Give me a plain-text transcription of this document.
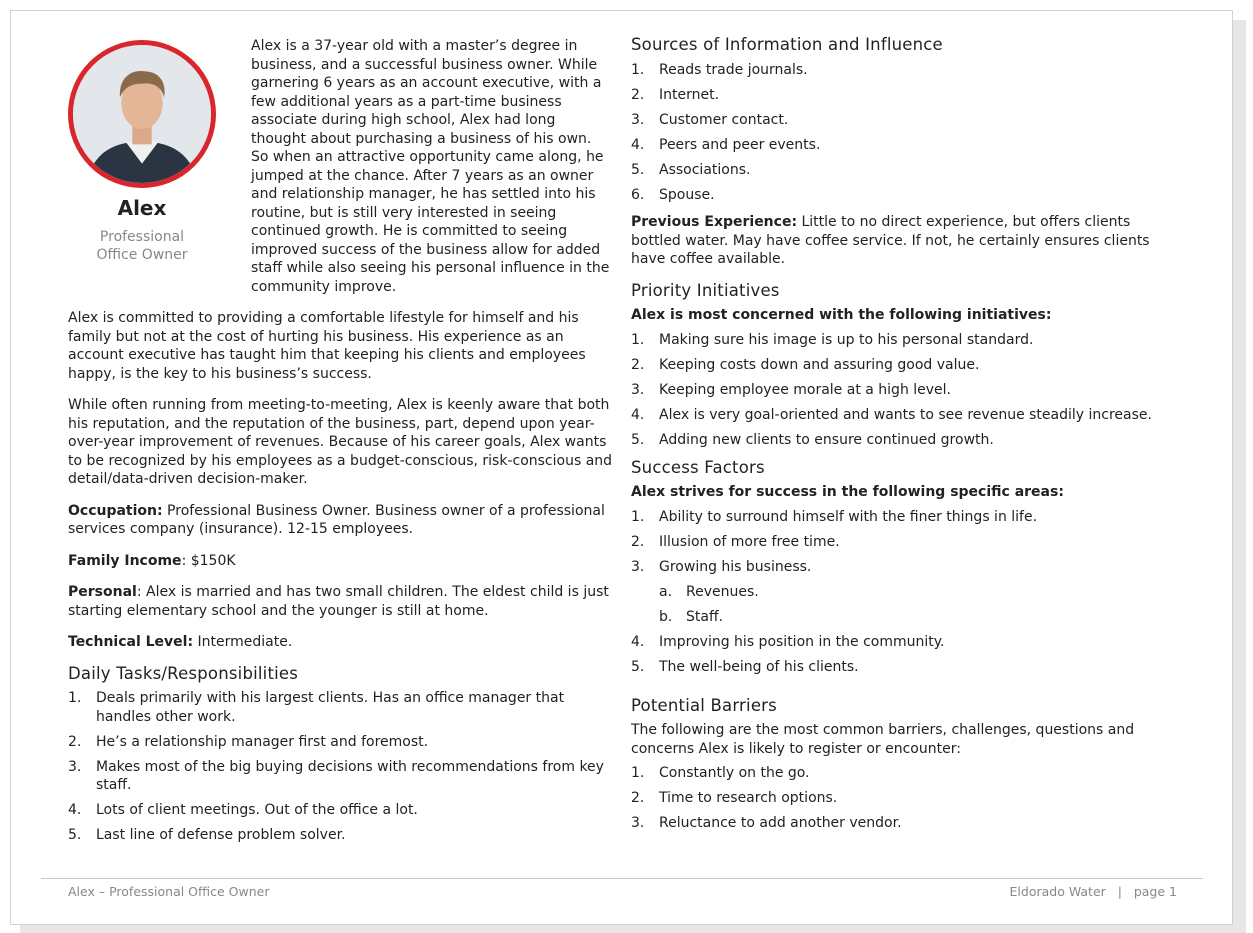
Alex
Professional
Office Owner

Alex is a 37-year old with a master’s degree in business, and a successful business owner. While garnering 6 years as an account executive, with a few additional years as a part-time business associate during high school, Alex had long thought about purchasing a business of his own. So when an attractive opportunity came along, he jumped at the chance. After 7 years as an owner and relationship manager, he has settled into his routine, but is still very interested in seeing continued growth. He is committed to seeing improved success of the business allow for added staff while also seeing his personal influence in the community improve.

Alex is committed to providing a comfortable lifestyle for himself and his family but not at the cost of hurting his business. His experience as an account executive has taught him that keeping his clients and employees happy, is the key to his business’s success.

While often running from meeting-to-meeting, Alex is keenly aware that both his reputation, and the reputation of the business, part, depend upon year-over-year improvement of revenues. Because of his career goals, Alex wants to be recognized by his employees as a budget-conscious, risk-conscious and detail/data-driven decision-maker.

Occupation: Professional Business Owner. Business owner of a professional services company (insurance). 12-15 employees.

Family Income: $150K

Personal: Alex is married and has two small children. The eldest child is just starting elementary school and the younger is still at home.

Technical Level: Intermediate.

Daily Tasks/Responsibilities
1. Deals primarily with his largest clients. Has an office manager that handles other work.
2. He’s a relationship manager first and foremost.
3. Makes most of the big buying decisions with recommendations from key staff.
4. Lots of client meetings. Out of the office a lot.
5. Last line of defense problem solver.
Sources of Information and Influence
1. Reads trade journals.
2. Internet.
3. Customer contact.
4. Peers and peer events.
5. Associations.
6. Spouse.

Previous Experience: Little to no direct experience, but offers clients bottled water. May have coffee service. If not, he certainly ensures clients have coffee available.

Priority Initiatives
Alex is most concerned with the following initiatives:
1. Making sure his image is up to his personal standard.
2. Keeping costs down and assuring good value.
3. Keeping employee morale at a high level.
4. Alex is very goal-oriented and wants to see revenue steadily increase.
5. Adding new clients to ensure continued growth.
Success Factors
Alex strives for success in the following specific areas:
1. Ability to surround himself with the finer things in life.
2. Illusion of more free time.
3. Growing his business.
a. Revenues.
b. Staff.
4. Improving his position in the community.
5. The well-being of his clients.
Potential Barriers

The following are the most common barriers, challenges, questions and concerns Alex is likely to register or encounter:

1. Constantly on the go.
2. Time to research options.
3. Reluctance to add another vendor.
Alex – Professional Office Owner	Eldorado Water   |   page 1
